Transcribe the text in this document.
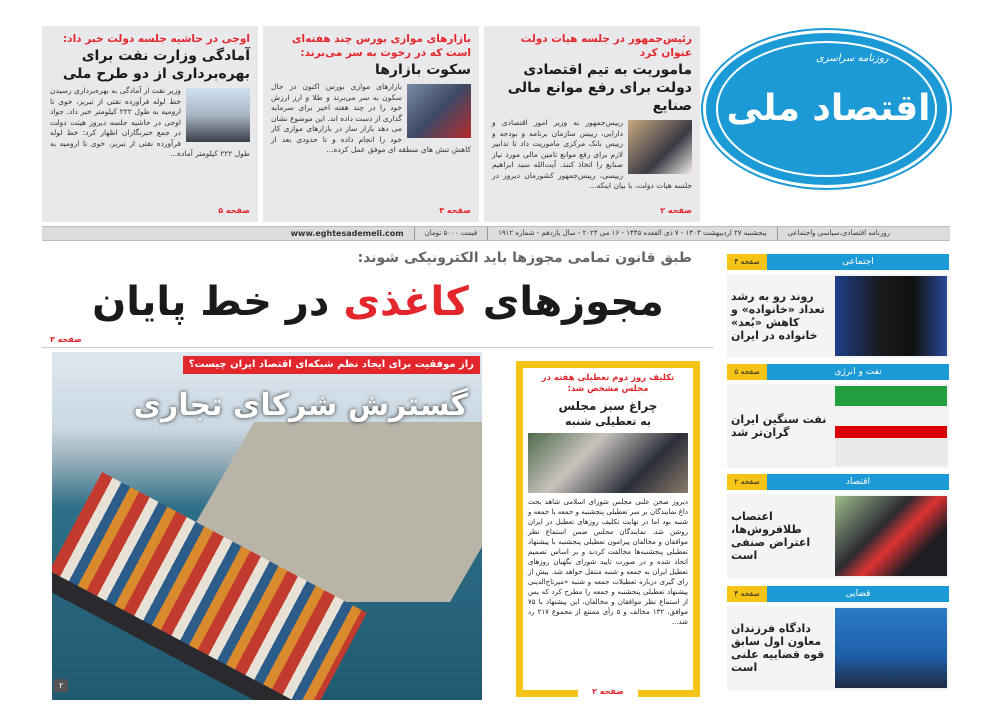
روزنامه سراسری
اقتصاد ملی
رئیس‌جمهور در جلسه هیات دولت عنوان کرد
ماموریت به تیم اقتصادی دولت برای رفع موانع مالی صنایع
رییس‌جمهور به وزیر امور اقتصادی و دارایی، رییس سازمان برنامه و بودجه و رییس بانک مرکزی ماموریت داد تا تدابیر لازم برای رفع موانع تامین مالی مورد نیاز صنایع را اتخاذ کنند. آیت‌الله سید ابراهیم رییسی، رییس‌جمهور کشورمان دیروز در جلسه هیات دولت، با بیان اینکه...
صفحه ۲
بازارهای موازی بورس چند هفته‌ای است که در رخوت به سر می‌برند:
سکوت بازارها
بازارهای موازی بورس اکنون در حال سکون به سر می‌برند و طلا و ارز ارزش خود را در چند هفته اخیر برای سرمایه گذاری از دست داده اند. این موضوع نشان می دهد بازار ساز در بازارهای موازی کار خود را انجام داده و تا حدودی بعد از کاهش تنش های منطقه ای موفق عمل کرده...
صفحه ۳
اوجی در حاشیه جلسه دولت خبر داد:
آمادگی وزارت نفت برای بهره‌برداری از دو طرح ملی
وزیر نفت از آمادگی به بهره‌برداری رسیدن خط لوله فرآورده نفتی از تبریز، خوی تا ارومیه به طول ۲۲۲ کیلومتر خبر داد. جواد اوجی در حاشیه جلسه دیروز هیئت دولت در جمع خبرنگاران اظهار کرد: خط لوله فرآورده نفتی از تبریز، خوی تا ارومیه به طول ۲۲۲ کیلومتر آماده...
صفحه ۵
روزنامه اقتصادی،سیاسی واجتماعی
پنجشنبه ۲۷ اردیبهشت ۱۴۰۳ - ۷ ذی القعده ۱۴۴۵ - ۱۶ می ۲۰۲۴ - سال یازدهم - شماره ۱۹۱۲
قیمت ۵۰۰۰ تومان
www.eghtesademeli.com
طبق قانون تمامی مجوزها باید الکترونیکی شوند:
مجوزهای کاغذی در خط پایان
صفحه ۳
راز موفقیت برای ایجاد نظم شبکه‌ای اقتصاد ایران چیست؟
گسترش شرکای تجاری
۲
تکلیف روز دوم تعطیلی هفته در مجلس مشخص شد:
چراغ سبز مجلس
به تعطیلی شنبه
دیروز صحن علنی مجلس شورای اسلامی شاهد بحث داغ نمایندگان بر سر تعطیلی پنجشنبه و جمعه یا جمعه و شنبه بود اما در نهایت تکلیف روزهای تعطیل در ایران روشن شد. نمایندگان مجلس ضمن استماع نظر موافقان و مخالفان پیرامون تعطیلی پنجشنبه با پیشنهاد تعطیلی پنجشنبه‌ها مخالفت کردند و بر اساس تصمیم اتخاذ شده و در صورت تایید شورای نگهبان روزهای تعطیل ایران به جمعه و شنبه منتقل خواهد شد. پیش از رای گیری درباره تعطیلات جمعه و شنبه «میرتاج‌الدینی پیشنهاد تعطیلی پنجشنبه و جمعه را مطرح کرد که پس از استماع نظر موافقان و مخالفان، این پیشنهاد با ۷۵ موافق، ۱۳۲ مخالف و ۵ رأی ممتنع از مجموع ۲۱۷ رد شد...
صفحه ۲
اجتماعی
صفحه ۴
روند رو به رشد تعداد «خانواده» و کاهش «بُعد» خانواده در ایران
نفت و انرژی
صفحه ۵
نفت سنگین ایران گران‌تر شد
اقتصاد
صفحه ۲
اعتصاب طلافروش‌ها، اعتراض صنفی است
قضایی
صفحه ۴
دادگاه فرزندان معاون اول سابق قوه قضاییه علنی است
